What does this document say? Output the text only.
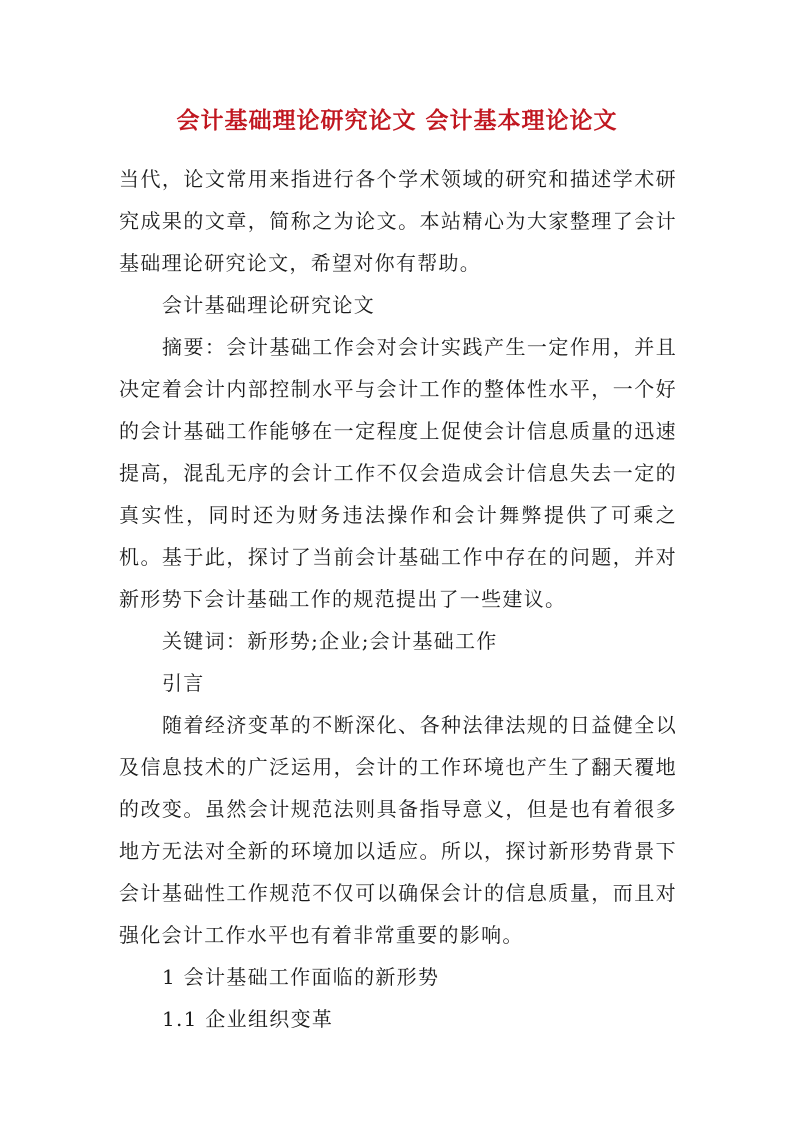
会计基础理论研究论文 会计基本理论论文

当代，论文常用来指进行各个学术领域的研究和描述学术研究成果的文章，简称之为论文。本站精心为大家整理了会计基础理论研究论文，希望对你有帮助。

会计基础理论研究论文

摘要：会计基础工作会对会计实践产生一定作用，并且决定着会计内部控制水平与会计工作的整体性水平，一个好的会计基础工作能够在一定程度上促使会计信息质量的迅速提高，混乱无序的会计工作不仅会造成会计信息失去一定的真实性，同时还为财务违法操作和会计舞弊提供了可乘之机。基于此，探讨了当前会计基础工作中存在的问题，并对新形势下会计基础工作的规范提出了一些建议。

关键词：新形势;企业;会计基础工作

引言

随着经济变革的不断深化、各种法律法规的日益健全以及信息技术的广泛运用，会计的工作环境也产生了翻天覆地的改变。虽然会计规范法则具备指导意义，但是也有着很多地方无法对全新的环境加以适应。所以，探讨新形势背景下会计基础性工作规范不仅可以确保会计的信息质量，而且对强化会计工作水平也有着非常重要的影响。

1 会计基础工作面临的新形势

1.1 企业组织变革
